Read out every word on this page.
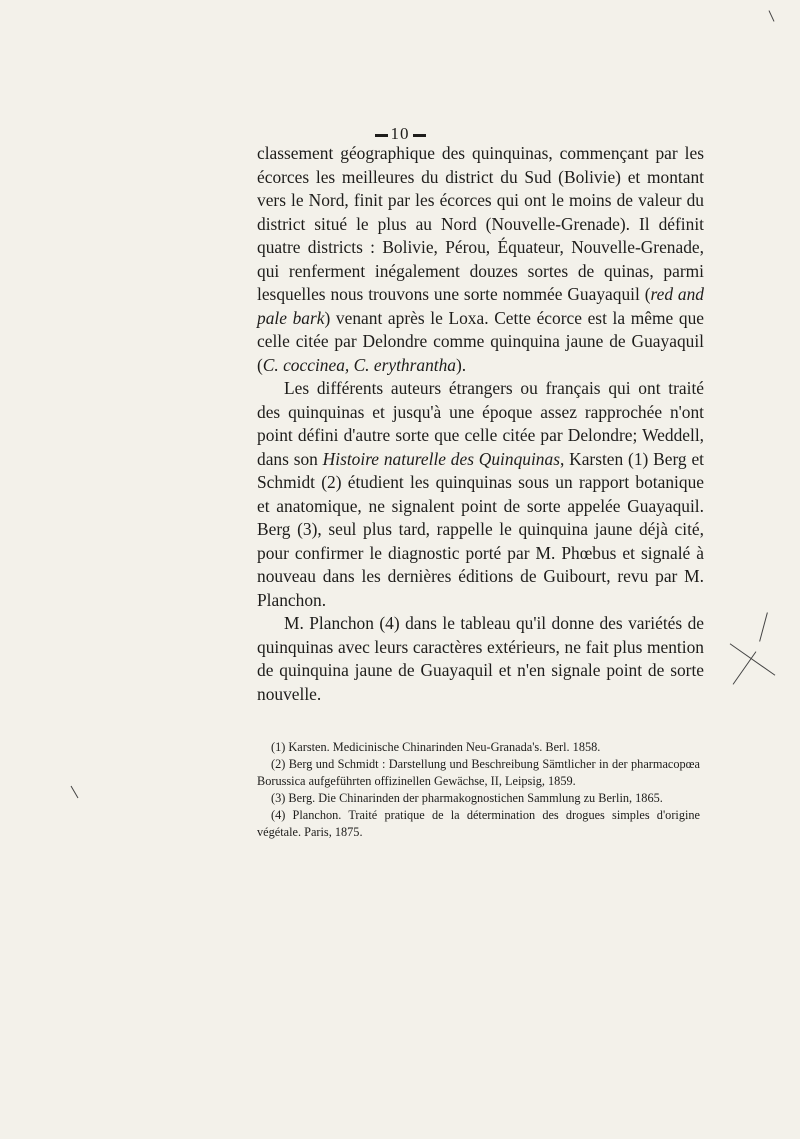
10

classement géographique des quinquinas, commençant par les écorces les meilleures du district du Sud (Bolivie) et montant vers le Nord, finit par les écorces qui ont le moins de valeur du district situé le plus au Nord (Nouvelle-Grenade). Il définit quatre districts : Bolivie, Pérou, Équateur, Nouvelle-Grenade, qui renferment inégalement douzes sortes de quinas, parmi lesquelles nous trouvons une sorte nommée Guayaquil (red and pale bark) venant après le Loxa. Cette écorce est la même que celle citée par Delondre comme quinquina jaune de Guayaquil (C. coccinea, C. erythrantha).

Les différents auteurs étrangers ou français qui ont traité des quinquinas et jusqu'à une époque assez rapprochée n'ont point défini d'autre sorte que celle citée par Delondre; Weddell, dans son Histoire naturelle des Quinquinas, Karsten (1) Berg et Schmidt (2) étudient les quinquinas sous un rapport botanique et anatomique, ne signalent point de sorte appelée Guayaquil. Berg (3), seul plus tard, rappelle le quinquina jaune déjà cité, pour confirmer le diagnostic porté par M. Phœbus et signalé à nouveau dans les dernières éditions de Guibourt, revu par M. Planchon.

M. Planchon (4) dans le tableau qu'il donne des variétés de quinquinas avec leurs caractères extérieurs, ne fait plus mention de quinquina jaune de Guayaquil et n'en signale point de sorte nouvelle.

(1) Karsten. Medicinische Chinarinden Neu-Granada's. Berl. 1858.

(2) Berg und Schmidt : Darstellung und Beschreibung Sämtlicher in der pharmacopœa Borussica aufgeführten offizinellen Gewächse, II, Leipsig, 1859.

(3) Berg. Die Chinarinden der pharmakognostichen Sammlung zu Berlin, 1865.

(4) Planchon. Traité pratique de la détermination des drogues simples d'origine végétale. Paris, 1875.
